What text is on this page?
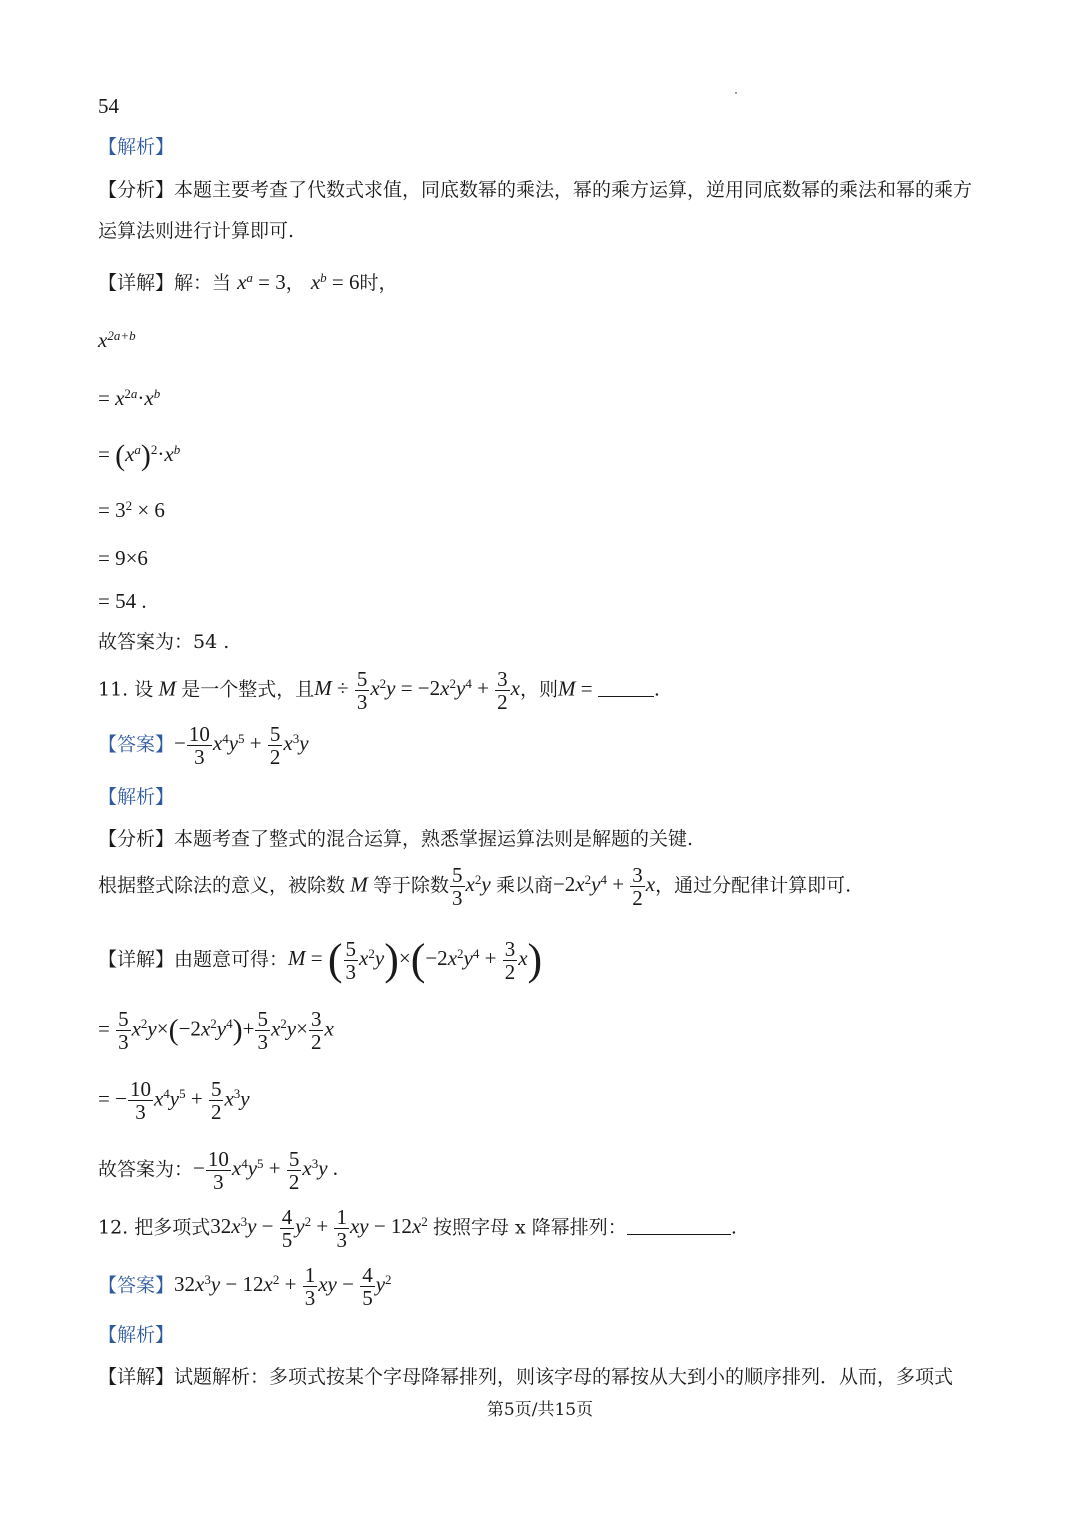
54
【解析】
【分析】本题主要考查了代数式求值，同底数幂的乘法，幂的乘方运算，逆用同底数幂的乘法和幂的乘方
运算法则进行计算即可.
【详解】解：当 $x^a = 3$， $x^b = 6$时，
$x^{2a+b}$
= $x^{2a}\cdot x^b$
= $(x^a)^2\cdot x^b$
= $3^2 \times 6$
= 9×6
= 54 .
故答案为：54 .
11. 设 M 是一个整式，且$M \div \frac{5}{3} x^2y = -2x^2y^4 + \frac{3}{2}$ x，则M =	.
【答案】− $\frac{10}{3} x^4y^5 + \frac{5}{2} x^3y$
【解析】
【分析】本题考查了整式的混合运算，熟悉掌握运算法则是解题的关键.
根据整式除法的意义，被除数 M 等于除数 $\frac{5}{3} x^2y$ 乘以商$-2x^2y^4 + \frac{3}{2}$ x，通过分配律计算即可.
【详解】由题意可得：M = ( $\frac{5}{3} x^2y)\times(-2x^2y^4 + \frac{3}{2} x)$
= $\frac{5}{3} x^2y\times(-2x^2y^4)+ \frac{5}{3} x^2y\times \frac{3}{2}$ x
= − $\frac{10}{3} x^4y^5 + \frac{5}{2} x^3y$
故答案为：− $\frac{10}{3} x^4y^5 + \frac{5}{2} x^3y$ .
12. 把多项式$32x^3y - \frac{4}{5} y^2 + \frac{1}{3}$ xy − $12x^2$ 按照字母 x 降幂排列：	.
【答案】$32x^3y - 12x^2 + \frac{1}{3}$ xy − $\frac{4}{5} y^2$
【解析】
【详解】试题解析：多项式按某个字母降幂排列，则该字母的幂按从大到小的顺序排列．从而，多项式
第5页/共15页
